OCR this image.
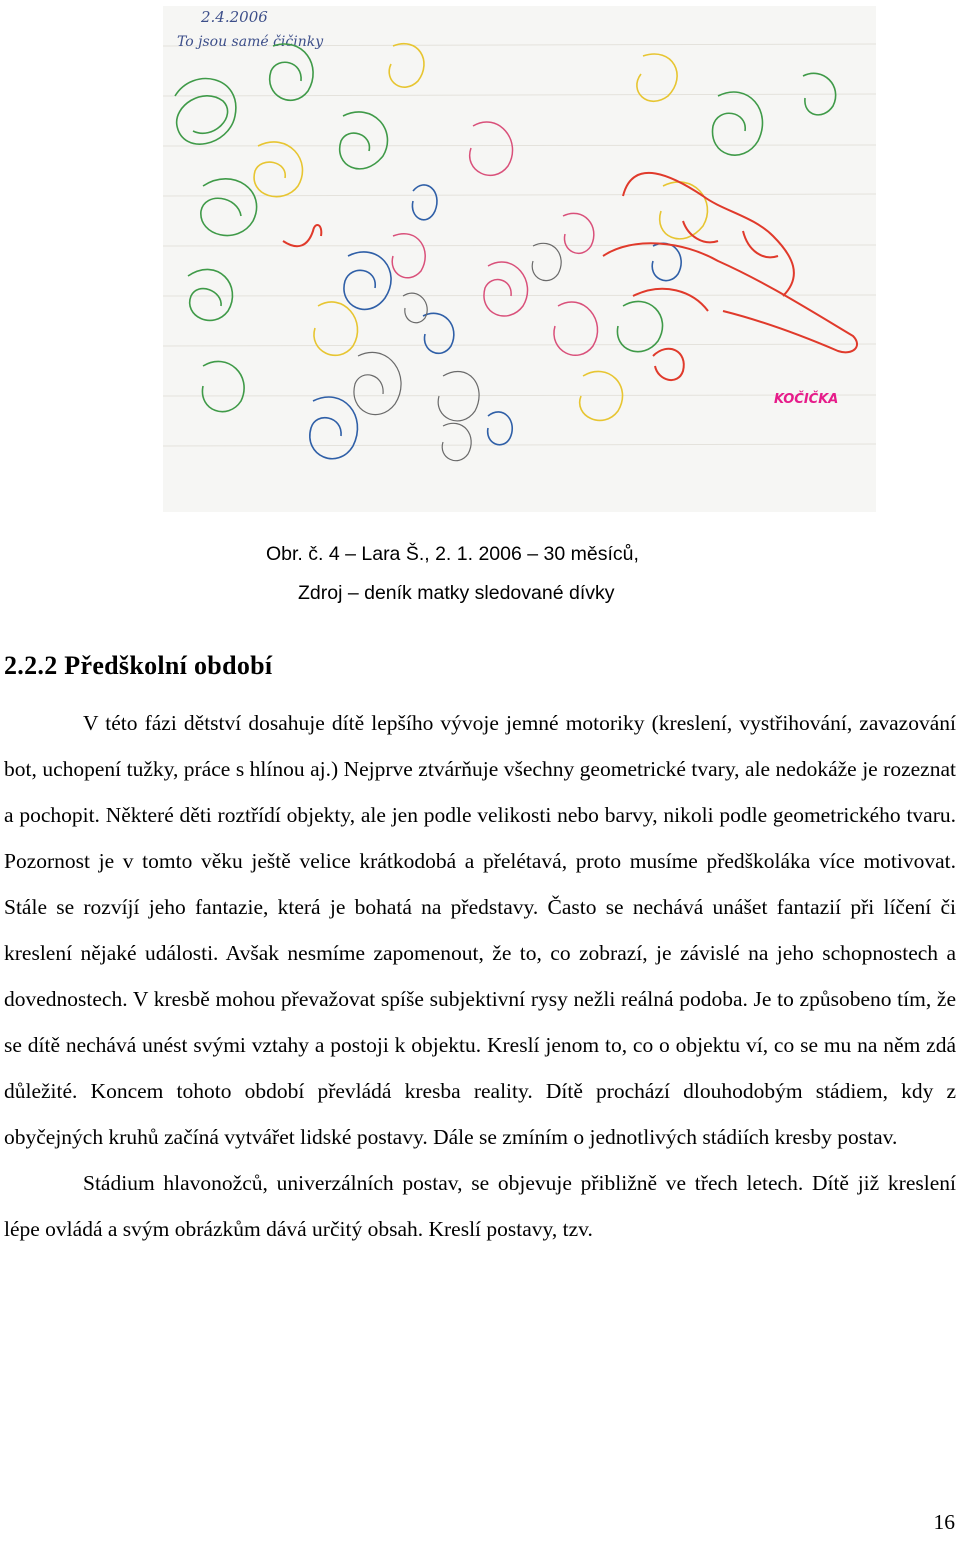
2.4.2006
To jsou samé čičinky
KOČIČKA
Obr. č. 4 – Lara Š., 2. 1. 2006 – 30 měsíců,
Zdroj – deník matky sledované dívky
2.2.2 Předškolní období

V této fázi dětství dosahuje dítě lepšího vývoje jemné motoriky (kreslení, vystřihování, zavazování bot, uchopení tužky, práce s hlínou aj.) Nejprve ztvárňuje všechny geometrické tvary, ale nedokáže je rozeznat a pochopit. Některé děti roztřídí objekty, ale jen podle velikosti nebo barvy, nikoli podle geometrického tvaru. Pozornost je v tomto věku ještě velice krátkodobá a přelétavá, proto musíme předškoláka více motivovat. Stále se rozvíjí jeho fantazie, která je bohatá na představy. Často se nechává unášet fantazií při líčení či kreslení nějaké události. Avšak nesmíme zapomenout, že to, co zobrazí, je závislé na jeho schopnostech a dovednostech. V kresbě mohou převažovat spíše subjektivní rysy nežli reálná podoba. Je to způsobeno tím, že se dítě nechává unést svými vztahy a postoji k objektu. Kreslí jenom to, co o objektu ví, co se mu na něm zdá důležité. Koncem tohoto období převládá kresba reality. Dítě prochází dlouhodobým stádiem, kdy z obyčejných kruhů začíná vytvářet lidské postavy. Dále se zmíním o jednotlivých stádiích kresby postav.

Stádium hlavonožců, univerzálních postav, se objevuje přibližně ve třech letech. Dítě již kreslení lépe ovládá a svým obrázkům dává určitý obsah. Kreslí postavy, tzv.

16
